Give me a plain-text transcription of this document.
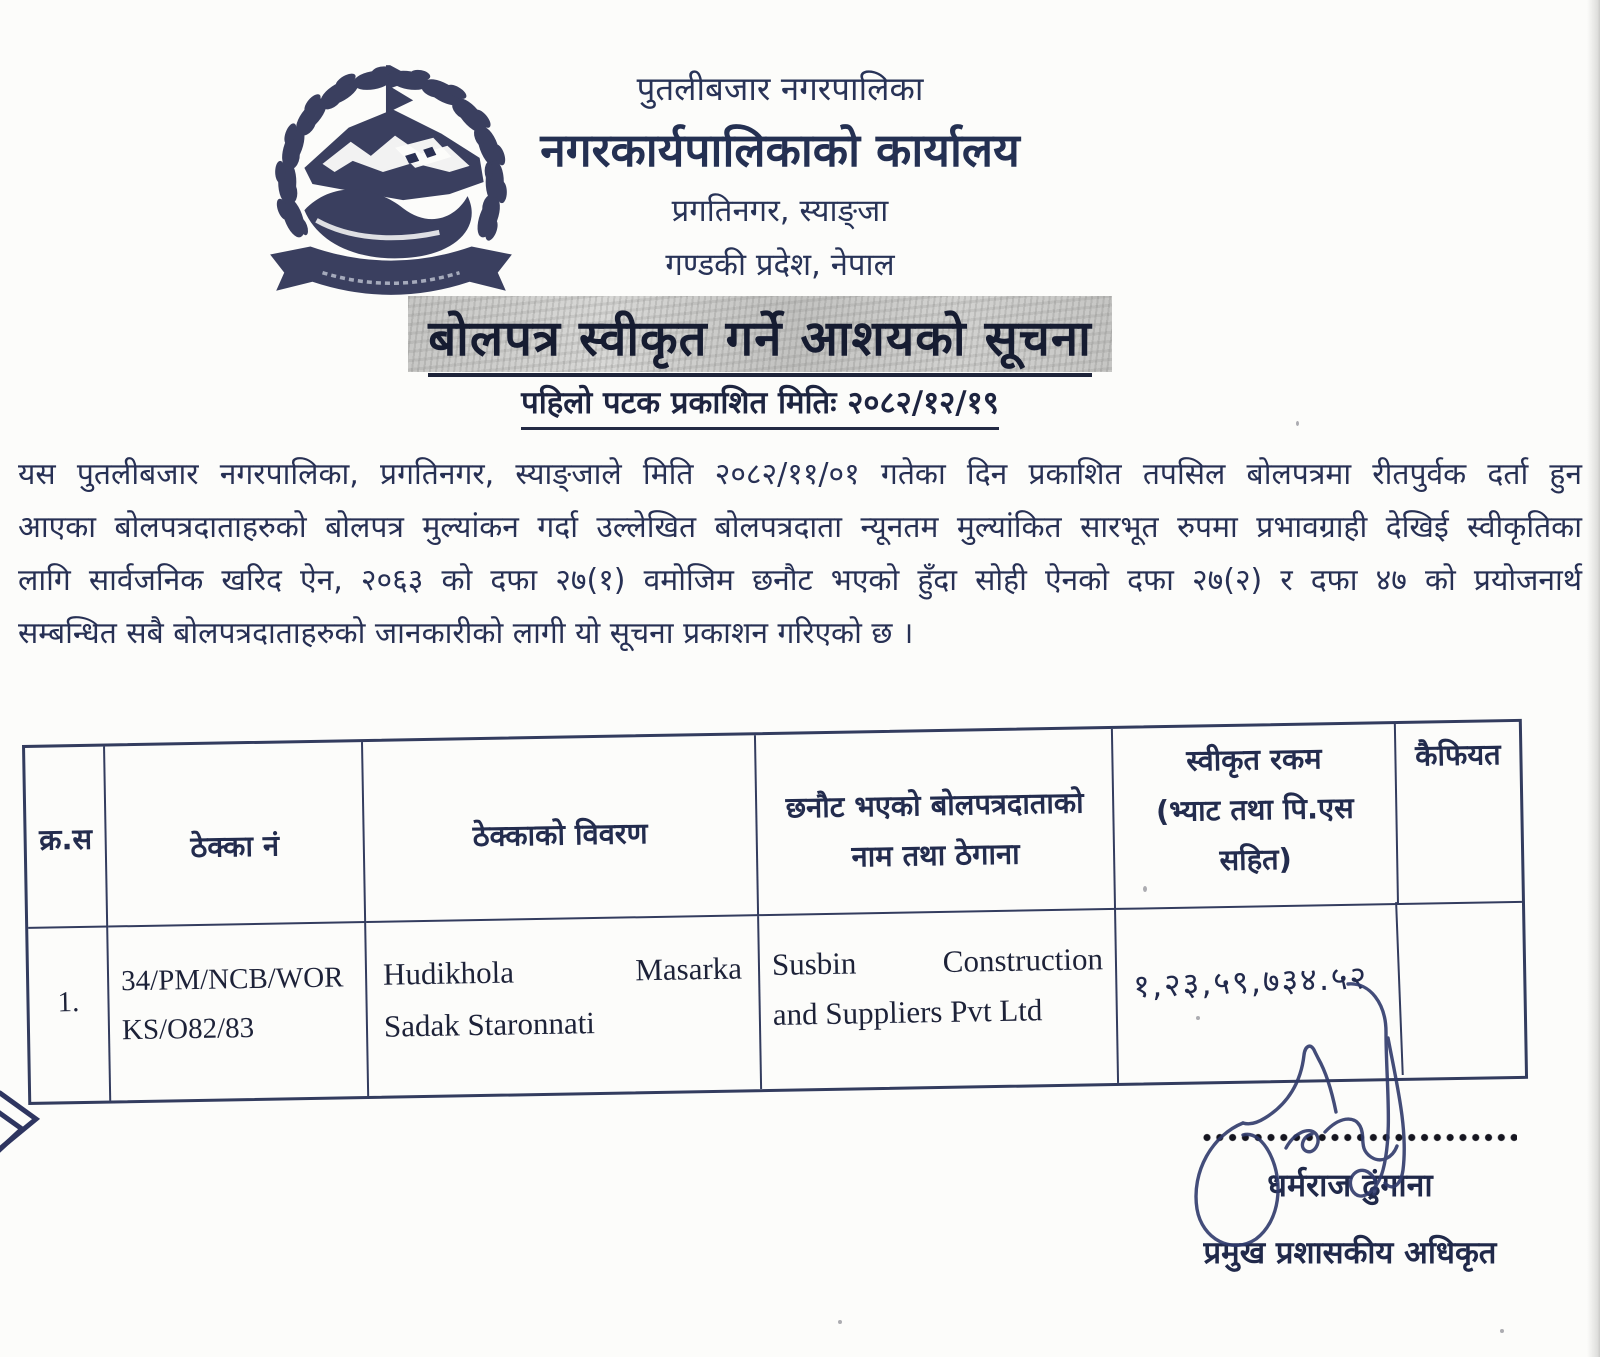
पुतलीबजार नगरपालिका
नगरकार्यपालिकाको कार्यालय
प्रगतिनगर, स्याङ्जा
गण्डकी प्रदेश, नेपाल
बोलपत्र स्वीकृत गर्ने आशयको सूचना
पहिलो पटक प्रकाशित मितिः २०८२/१२/१९
यस पुतलीबजार नगरपालिका, प्रगतिनगर, स्याङ्जाले मिति २०८२/११/०१ गतेका दिन प्रकाशित तपसिल बोलपत्रमा रीतपुर्वक दर्ता हुन
आएका बोलपत्रदाताहरुको बोलपत्र मुल्यांकन गर्दा उल्लेखित बोलपत्रदाता न्यूनतम मुल्यांकित सारभूत रुपमा प्रभावग्राही देखिई स्वीकृतिका
लागि सार्वजनिक खरिद ऐन, २०६३ को दफा २७(१) वमोजिम छनौट भएको हुँदा सोही ऐनको दफा २७(२) र दफा ४७ को प्रयोजनार्थ
सम्बन्धित सबै बोलपत्रदाताहरुको जानकारीको लागी यो सूचना प्रकाशन गरिएको छ ।
क्र.स	ठेक्का नं	ठेक्काको विवरण
छनौट भएको बोलपत्रदाताको
नाम तथा ठेगाना
स्वीकृत रकम
(भ्याट तथा पि.एस
सहित)
कैफियत
1.
34/PM/NCB/WOR
KS/O82/83
Hudikhola Masarka
Sadak Staronnati
Susbin Construction
and Suppliers Pvt Ltd
१,२३,५९,७३४.५२
धर्मराज ढुंगाना
प्रमुख प्रशासकीय अधिकृत
